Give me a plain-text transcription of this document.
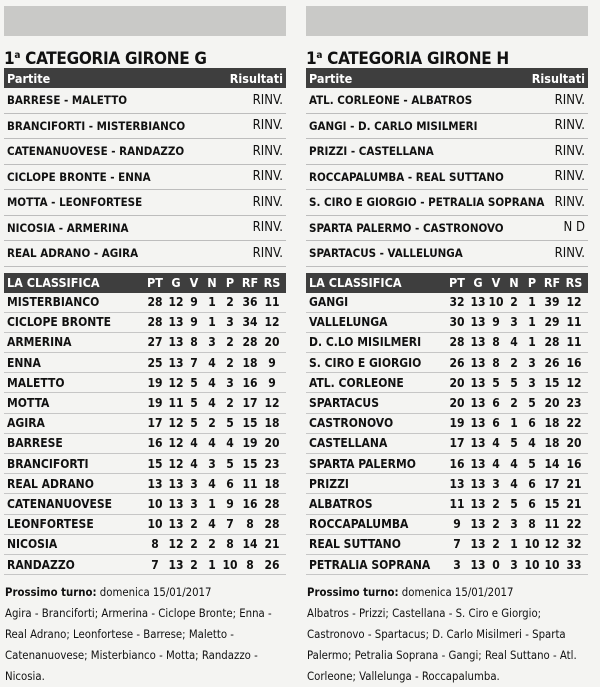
1$^a$ CATEGORIA GIRONE G
Partite	Risultati
BARRESE - MALETTO	RINV.
BRANCIFORTI - MISTERBIANCO	RINV.
CATENANUOVESE - RANDAZZO	RINV.
CICLOPE BRONTE - ENNA	RINV.
MOTTA - LEONFORTESE	RINV.
NICOSIA - ARMERINA	RINV.
REAL ADRANO - AGIRA	RINV.
LA CLASSIFICA	PT G V N P RF RS
MISTERBIANCO	28 12 9 1 2 36 11
CICLOPE BRONTE	28 13 9 1 3 34 12
ARMERINA	27 13 8 3 2 28 20
ENNA	25 13 7 4 2 18 9
MALETTO	19 12 5 4 3 16 9
MOTTA	19 11 5 4 2 17 12
AGIRA	17 12 5 2 5 15 18
BARRESE	16 12 4 4 4 19 20
BRANCIFORTI	15 12 4 3 5 15 23
REAL ADRANO	13 13 3 4 6 11 18
CATENANUOVESE	10 13 3 1 9 16 28
LEONFORTESE	10 13 2 4 7	8 28
NICOSIA	8 12 2 2 8 14 21
RANDAZZO	7 13 2 1 10 8 26
Prossimo turno: domenica 15/01/2017
Agira - Branciforti; Armerina - Ciclope Bronte; Enna - Real Adrano; Leonfortese - Barrese; Maletto - Catenanuovese; Misterbianco - Motta; Randazzo - Nicosia.
1$^a$ CATEGORIA GIRONE H
Partite	Risultati
ATL. CORLEONE - ALBATROS	RINV.
GANGI - D. CARLO MISILMERI	RINV.
PRIZZI - CASTELLANA	RINV.
ROCCAPALUMBA - REAL SUTTANO	RINV.
S. CIRO E GIORGIO - PETRALIA SOPRANA RINV.
SPARTA PALERMO - CASTRONOVO	N D
SPARTACUS - VALLELUNGA	RINV.
LA CLASSIFICA	PT G V N P RF RS
GANGI	32 13 10 2 1 39 12
VALLELUNGA	30 13 9 3 1 29 11
D. C.LO MISILMERI	28 13 8 4 1 28 11
S. CIRO E GIORGIO	26 13 8 2 3 26 16
ATL. CORLEONE	20 13 5 5 3 15 12
SPARTACUS	20 13 6 2 5 20 23
CASTRONOVO	19 13 6 1 6 18 22
CASTELLANA	17 13 4 5 4 18 20
SPARTA PALERMO	16 13 4 4 5 14 16
PRIZZI	13 13 3 4 6 17 21
ALBATROS	11 13 2 5 6 15 21
ROCCAPALUMBA	9 13 2 3 8 11 22
REAL SUTTANO	7 13 2 1 10 12 32
PETRALIA SOPRANA	3 13 0 3 10 10 33
Prossimo turno: domenica 15/01/2017
Albatros - Prizzi; Castellana - S. Ciro e Giorgio; Castronovo - Spartacus; D. Carlo Misilmeri - Sparta Palermo; Petralia Soprana - Gangi; Real Suttano - Atl. Corleone; Vallelunga - Roccapalumba.
